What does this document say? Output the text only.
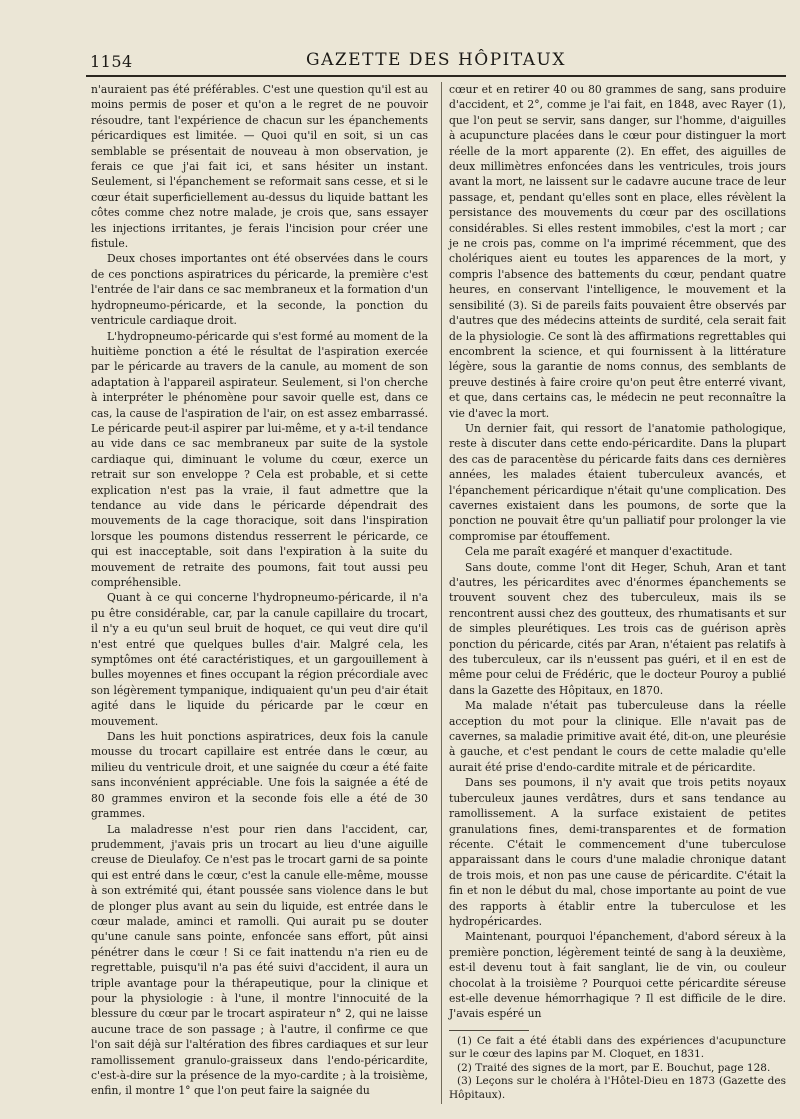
1154	GAZETTE DES HÔPITAUX

n'auraient pas été préférables. C'est une question qu'il est au moins permis de poser et qu'on a le regret de ne pouvoir résoudre, tant l'expérience de chacun sur les épanchements péricardiques est limitée. — Quoi qu'il en soit, si un cas semblable se présentait de nouveau à mon observation, je ferais ce que j'ai fait ici, et sans hésiter un instant. Seulement, si l'épanchement se reformait sans cesse, et si le cœur était superficiellement au-dessus du liquide battant les côtes comme chez notre malade, je crois que, sans essayer les injections irritantes, je ferais l'incision pour créer une fistule.

Deux choses importantes ont été observées dans le cours de ces ponctions aspiratrices du péricarde, la première c'est l'entrée de l'air dans ce sac membraneux et la formation d'un hydropneumo-péricarde, et la seconde, la ponction du ventricule cardiaque droit.

L'hydropneumo-péricarde qui s'est formé au moment de la huitième ponction a été le résultat de l'aspiration exercée par le péricarde au travers de la canule, au moment de son adaptation à l'appareil aspirateur. Seulement, si l'on cherche à interpréter le phénomène pour savoir quelle est, dans ce cas, la cause de l'aspiration de l'air, on est assez embarrassé. Le péricarde peut-il aspirer par lui-même, et y a-t-il tendance au vide dans ce sac membraneux par suite de la systole cardiaque qui, diminuant le volume du cœur, exerce un retrait sur son enveloppe ? Cela est probable, et si cette explication n'est pas la vraie, il faut admettre que la tendance au vide dans le péricarde dépendrait des mouvements de la cage thoracique, soit dans l'inspiration lorsque les poumons distendus resserrent le péricarde, ce qui est inacceptable, soit dans l'expiration à la suite du mouvement de retraite des poumons, fait tout aussi peu compréhensible.

Quant à ce qui concerne l'hydropneumo-péricarde, il n'a pu être considérable, car, par la canule capillaire du trocart, il n'y a eu qu'un seul bruit de hoquet, ce qui veut dire qu'il n'est entré que quelques bulles d'air. Malgré cela, les symptômes ont été caractéristiques, et un gargouillement à bulles moyennes et fines occupant la région précordiale avec son légèrement tympanique, indiquaient qu'un peu d'air était agité dans le liquide du péricarde par le cœur en mouvement.

Dans les huit ponctions aspiratrices, deux fois la canule mousse du trocart capillaire est entrée dans le cœur, au milieu du ventricule droit, et une saignée du cœur a été faite sans inconvénient appréciable. Une fois la saignée a été de 80 grammes environ et la seconde fois elle a été de 30 grammes.

La maladresse n'est pour rien dans l'accident, car, prudemment, j'avais pris un trocart au lieu d'une aiguille creuse de Dieulafoy. Ce n'est pas le trocart garni de sa pointe qui est entré dans le cœur, c'est la canule elle-même, mousse à son extrémité qui, étant poussée sans violence dans le but de plonger plus avant au sein du liquide, est entrée dans le cœur malade, aminci et ramolli. Qui aurait pu se douter qu'une canule sans pointe, enfoncée sans effort, pût ainsi pénétrer dans le cœur ! Si ce fait inattendu n'a rien eu de regrettable, puisqu'il n'a pas été suivi d'accident, il aura un triple avantage pour la thérapeutique, pour la clinique et pour la physiologie : à l'une, il montre l'innocuité de la blessure du cœur par le trocart aspirateur n° 2, qui ne laisse aucune trace de son passage ; à l'autre, il confirme ce que l'on sait déjà sur l'altération des fibres cardiaques et sur leur ramollissement granulo-graisseux dans l'endo-péricardite, c'est-à-dire sur la présence de la myo-cardite ; à la troisième, enfin, il montre 1° que l'on peut faire la saignée du

cœur et en retirer 40 ou 80 grammes de sang, sans produire d'accident, et 2°, comme je l'ai fait, en 1848, avec Rayer (1), que l'on peut se servir, sans danger, sur l'homme, d'aiguilles à acupuncture placées dans le cœur pour distinguer la mort réelle de la mort apparente (2). En effet, des aiguilles de deux millimètres enfoncées dans les ventricules, trois jours avant la mort, ne laissent sur le cadavre aucune trace de leur passage, et, pendant qu'elles sont en place, elles révèlent la persistance des mouvements du cœur par des oscillations considérables. Si elles restent immobiles, c'est la mort ; car je ne crois pas, comme on l'a imprimé récemment, que des cholériques aient eu toutes les apparences de la mort, y compris l'absence des battements du cœur, pendant quatre heures, en conservant l'intelligence, le mouvement et la sensibilité (3). Si de pareils faits pouvaient être observés par d'autres que des médecins atteints de surdité, cela serait fait de la physiologie. Ce sont là des affirmations regrettables qui encombrent la science, et qui fournissent à la littérature légère, sous la garantie de noms connus, des semblants de preuve destinés à faire croire qu'on peut être enterré vivant, et que, dans certains cas, le médecin ne peut reconnaître la vie d'avec la mort.

Un dernier fait, qui ressort de l'anatomie pathologique, reste à discuter dans cette endo-péricardite. Dans la plupart des cas de paracentèse du péricarde faits dans ces dernières années, les malades étaient tuberculeux avancés, et l'épanchement péricardique n'était qu'une complication. Des cavernes existaient dans les poumons, de sorte que la ponction ne pouvait être qu'un palliatif pour prolonger la vie compromise par étouffement.

Cela me paraît exagéré et manquer d'exactitude.

Sans doute, comme l'ont dit Heger, Schuh, Aran et tant d'autres, les péricardites avec d'énormes épanchements se trouvent souvent chez des tuberculeux, mais ils se rencontrent aussi chez des goutteux, des rhumatisants et sur de simples pleurétiques. Les trois cas de guérison après ponction du péricarde, cités par Aran, n'étaient pas relatifs à des tuberculeux, car ils n'eussent pas guéri, et il en est de même pour celui de Frédéric, que le docteur Pouroy a publié dans la Gazette des Hôpitaux, en 1870.

Ma malade n'était pas tuberculeuse dans la réelle acception du mot pour la clinique. Elle n'avait pas de cavernes, sa maladie primitive avait été, dit-on, une pleurésie à gauche, et c'est pendant le cours de cette maladie qu'elle aurait été prise d'endo-cardite mitrale et de péricardite.

Dans ses poumons, il n'y avait que trois petits noyaux tuberculeux jaunes verdâtres, durs et sans tendance au ramollissement. A la surface existaient de petites granulations fines, demi-transparentes et de formation récente. C'était le commencement d'une tuberculose apparaissant dans le cours d'une maladie chronique datant de trois mois, et non pas une cause de péricardite. C'était la fin et non le début du mal, chose importante au point de vue des rapports à établir entre la tuberculose et les hydropéricardes.

Maintenant, pourquoi l'épanchement, d'abord séreux à la première ponction, légèrement teinté de sang à la deuxième, est-il devenu tout à fait sanglant, lie de vin, ou couleur chocolat à la troisième ? Pourquoi cette péricardite séreuse est-elle devenue hémorrhagique ? Il est difficile de le dire. J'avais espéré un

(1) Ce fait a été établi dans des expériences d'acupuncture sur le cœur des lapins par M. Cloquet, en 1831.

(2) Traité des signes de la mort, par E. Bouchut, page 128.

(3) Leçons sur le choléra à l'Hôtel-Dieu en 1873 (Gazette des Hôpitaux).
